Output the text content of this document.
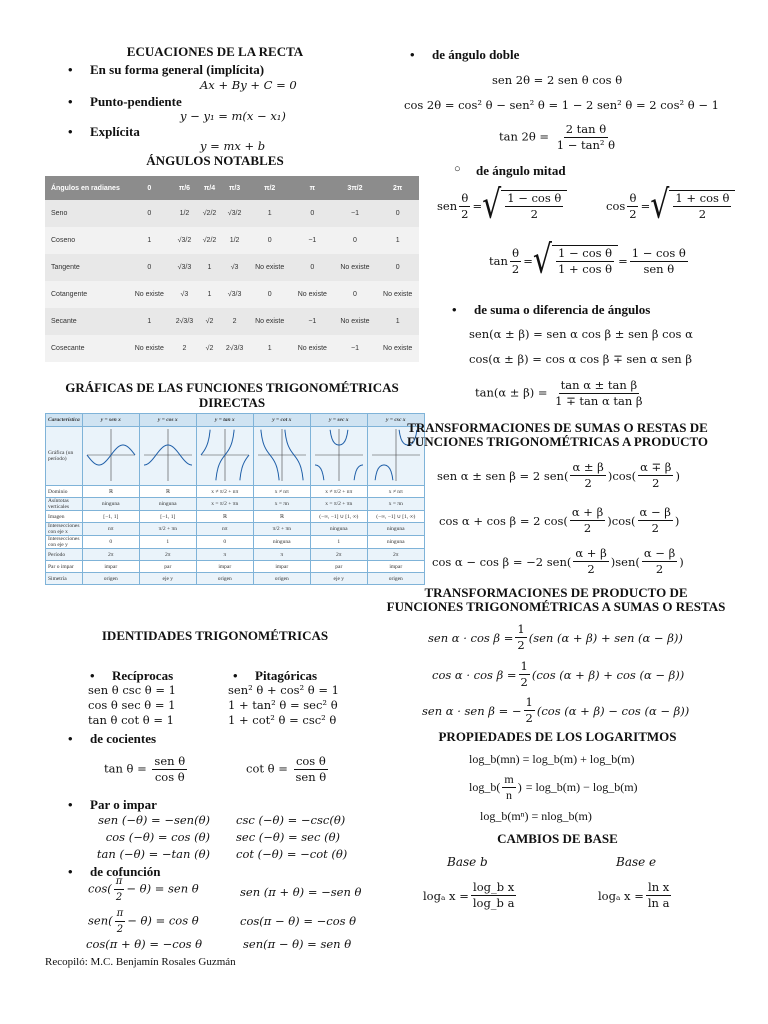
ECUACIONES DE LA RECTA
• En su forma general (implícita)
Ax + By + C = 0
• Punto-pendiente
y − y₁ = m(x − x₁)
• Explícita
y = mx + b
ÁNGULOS NOTABLES
Ángulos en radianes	0	π/6	π/4	π/3	π/2	π	3π/2	2π
Seno	0	1/2	√2/2	√3/2	1	0	−1	0
Coseno	1	√3/2	√2/2	1/2	0	−1	0	1
Tangente	0	√3/3	1	√3	No existe	0	No existe	0
Cotangente	No existe	√3	1	√3/3	0	No existe	0	No existe
Secante	1	2√3/3	√2	2	No existe	−1	No existe	1
Cosecante	No existe	2	√2	2√3/3	1	No existe	−1	No existe
GRÁFICAS DE LAS FUNCIONES TRIGONOMÉTRICAS DIRECTAS
Característica	y = sen x	y = cos x	y = tan x	y = cot x	y = sec x	y = csc x
Gráfica (un período)						
Dominio	ℝ	ℝ	x ≠ π/2 + nπ	x ≠ nπ	x ≠ π/2 + nπ	x ≠ nπ
Asíntotas verticales	ninguna	ninguna	x = π/2 + πn	x = πn	x = π/2 + πn	x = πn
Imagen	[−1, 1]	[−1, 1]	ℝ	ℝ	(−∞, −1] ∪ [1, ∞)	(−∞, −1] ∪ [1, ∞)
Intersecciones con eje x	nπ	π/2 + πn	nπ	π/2 + πn	ninguna	ninguna
Intersecciones con eje y	0	1	0	ninguna	1	ninguna
Período	2π	2π	π	π	2π	2π
Par o impar	impar	par	impar	impar	par	impar
Simetría	origen	eje y	origen	origen	eje y	origen
IDENTIDADES TRIGONOMÉTRICAS
• Recíprocas
sen θ csc θ = 1
cos θ sec θ = 1
tan θ cot θ = 1
• Pitagóricas
sen² θ + cos² θ = 1
1 + tan² θ = sec² θ
1 + cot² θ = csc² θ
• de cocientes
$\tan \theta = \frac{\text{sen θ}}{\text{cos θ}}$	$\cot \theta = \frac{\text{cos θ}}{\text{sen θ}}$
• Par o impar
sen (−θ) = −sen(θ) csc (−θ) = −csc(θ)
cos (−θ) = cos (θ) sec (−θ) = sec (θ)
tan (−θ) = −tan (θ) cot (−θ) = −cot (θ)
• de cofunción
$\cos( \frac{\pi}{2} - \theta)$ = sen θ	sen (π + θ) = −sen θ
$sen( \frac{\pi}{2} - \theta) = \cos \theta$	cos(π − θ) = −cos θ
cos(π + θ) = −cos θ	sen(π − θ) = sen θ
Recopiló: M.C. Benjamín Rosales Guzmán
• de ángulo doble
sen 2θ = 2 sen θ cos θ
cos 2θ = cos² θ − sen² θ = 1 − 2 sen² θ = 2 cos² θ − 1
$\tan 2\theta = \frac{\text{2 tan θ}}{\text{1 − tan² θ}}$
○ de ángulo mitad
sen $\frac{\theta}{2}$ = √ $\frac{\text{1 − cos θ}}{2}$	$\cos \frac{\theta}{2}$ = √ $\frac{\text{1 + cos θ}}{2}$
$\tan \frac{\theta}{2}$ = √ $\frac{\text{1 − cos θ}}{\text{1 + cos θ}} = \frac{\text{1 − cos θ}}{\text{sen θ}}$
• de suma o diferencia de ángulos
sen(α ± β) = sen α cos β ± sen β cos α
cos(α ± β) = cos α cos β ∓ sen α sen β
$\tan(\alpha \pm \beta) = \frac{\text{tan α ± tan β}}{\text{1 ∓ tan α tan β}}$
TRANSFORMACIONES DE SUMAS O RESTAS DE FUNCIONES TRIGONOMÉTRICAS A PRODUCTO
sen α ± sen β = 2 sen ( $\frac{\alpha \pm \beta}{2}$ ) cos ( $\frac{\alpha \mp \beta}{2}$ )
cos α + cos β = 2 cos ( $\frac{\alpha + \beta}{2}$ ) cos ( $\frac{\alpha - \beta}{2}$ )
cos α − cos β = −2 sen ( $\frac{\alpha + \beta}{2}$ ) sen ( $\frac{\alpha - \beta}{2}$ )
TRANSFORMACIONES DE PRODUCTO DE FUNCIONES TRIGONOMÉTRICAS A SUMAS O RESTAS
sen $\alpha \cdot \cos \beta = \frac{1}{2} (sen$ (α + β) + sen (α − β))
$\cos \alpha \cdot \cos \beta = \frac{1}{2} (\cos$ (α + β) + cos (α − β))
sen α · sen β = − $\frac{1}{2} (\cos$ (α + β) − cos (α − β))
PROPIEDADES DE LOS LOGARITMOS
log_b(mn) = log_b(m) + log_b(m)
log_b ( $\frac{m}{n}$ ) = log_b(m) − log_b(m)
log_b(mⁿ) = nlog_b(m)
CAMBIOS DE BASE
Base b	Base e
logₐ $x = \frac{\text{log\_b x}}{\text{log\_b a}}$	logₐ $x = \frac{\text{ln x}}{\text{ln a}}$
